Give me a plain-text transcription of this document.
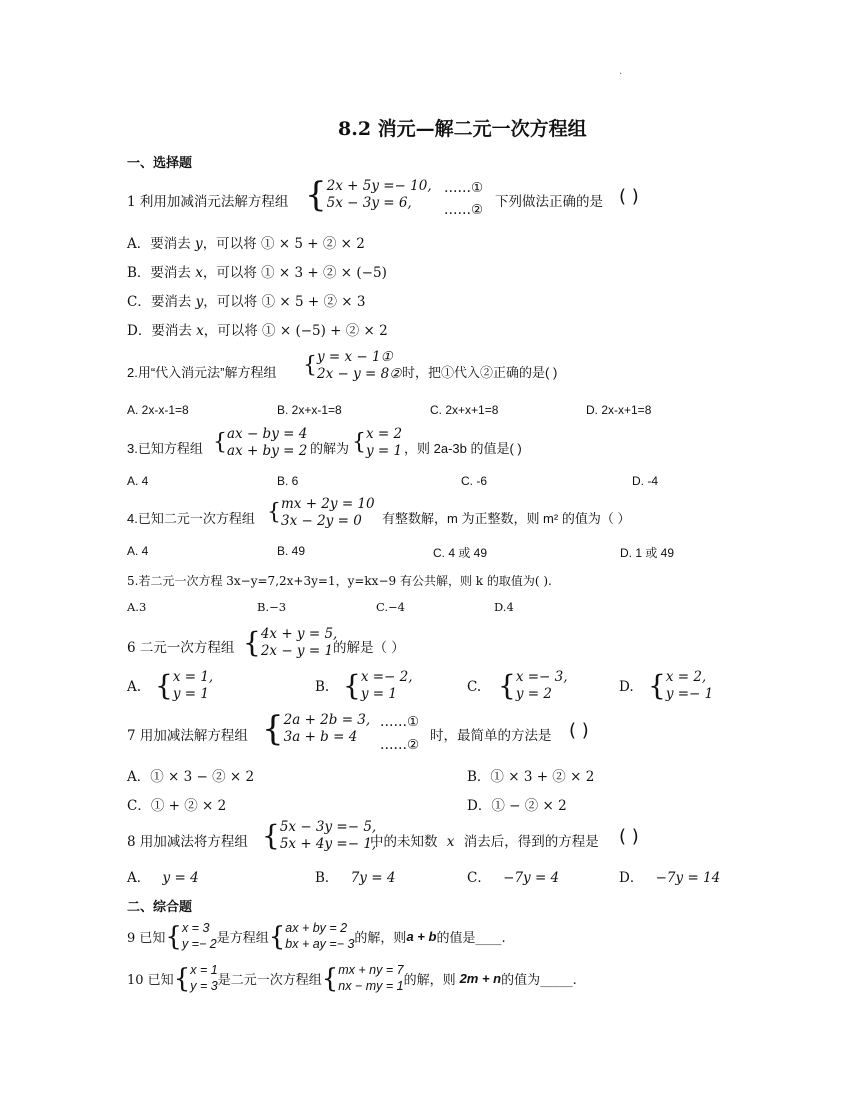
.
8.2 消元—解二元一次方程组
一、选择题
1 利用加减消元法解方程组 { 2x + 5y =− 10,
5x − 3y = 6,
……①
……② 下列做法正确的是 ( )
A．要消去 y，可以将 ① × 5 + ② × 2
B．要消去 x，可以将 ① × 3 + ② × (−5)
C．要消去 y，可以将 ① × 5 + ② × 3
D．要消去 x，可以将 ① × (−5) + ② × 2
2.用“代入消元法”解方程组 { y = x − 1①
2x − y = 8② 时，把①代入②正确的是( )
A. 2x-x-1=8	B. 2x+x-1=8	C. 2x+x+1=8	D. 2x-x+1=8
3.已知方程组 { ax − by = 4
ax + by = 2 的解为 { x = 2
y = 1 ，则 2a-3b 的值是( )
A. 4	B. 6	C. -6	D. -4
4.已知二元一次方程组 { mx + 2y = 10
3x − 2y = 0	有整数解，m 为正整数，则 m² 的值为（ ）
A. 4	B. 49	C. 4 或 49	D. 1 或 49
5.若二元一次方程 3x−y=7,2x+3y=1，y=kx−9 有公共解，则 k 的取值为( ).
A.3	B.−3	C.−4	D.4
6 二元一次方程组 { 4x + y = 5,
2x − y = 1 的解是（ ）
A. { x = 1,
y = 1	B. { x =− 2,
y = 1	C. { x =− 3,
y = 2	D. { x = 2,
y =− 1
7 用加减法解方程组 { 2a + 2b = 3,
3a + b = 4
……①
……②
时，最简单的方法是 ( )
A．① × 3 − ② × 2	B．① × 3 + ② × 2
C．① + ② × 2	D．① − ② × 2
8 用加减法将方程组 { 5x − 3y =− 5,
5x + 4y =− 1,
中的未知数 x 消去后，得到的方程是 ( )
A． y = 4	B． 7y = 4	C． −7y = 4	D． −7y = 14
二、综合题
9 已知 { x = 3
y =− 2 是方程组 { ax + by = 2
bx + ay =− 3 的解，则 a + b 的值是____.
10 已知 { x = 1
y = 3 是二元一次方程组 { mx + ny = 7
nx − my = 1 的解，则 2m + n 的值为_____.
